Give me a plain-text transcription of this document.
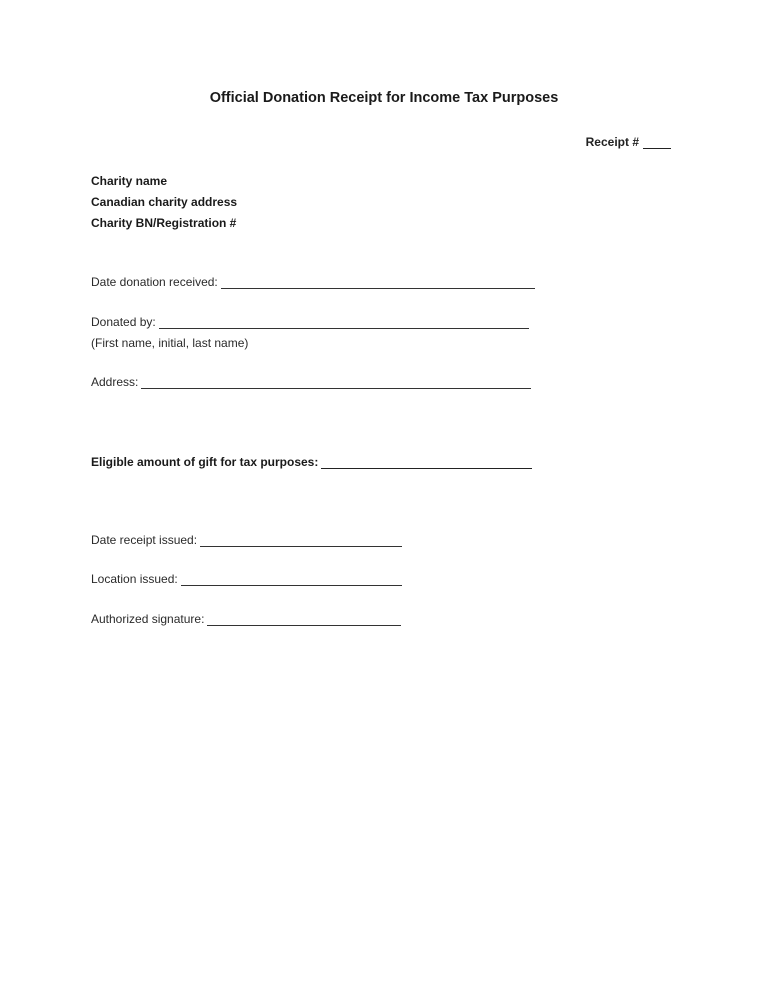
Official Donation Receipt for Income Tax Purposes
Receipt #
Charity name
Canadian charity address
Charity BN/Registration #
Date donation received:
Donated by:
(First name, initial, last name)
Address:
Eligible amount of gift for tax purposes:
Date receipt issued:
Location issued:
Authorized signature:
